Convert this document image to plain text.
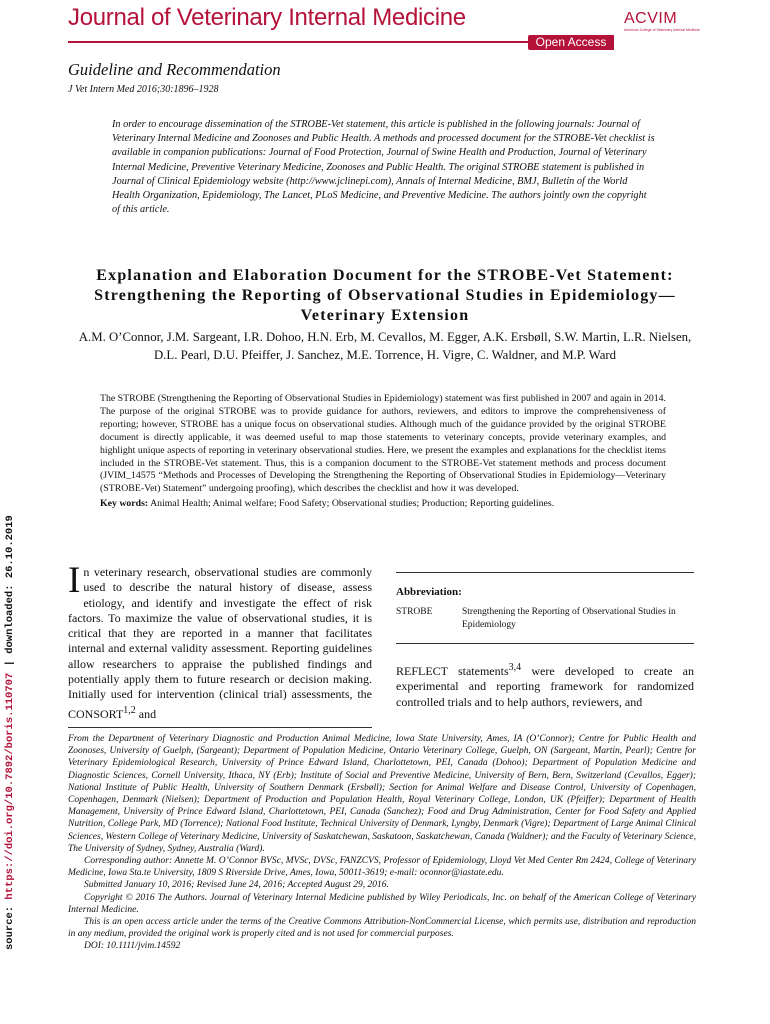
Journal of Veterinary Internal Medicine
Open Access
ACVIM
American College of Veterinary Internal Medicine
Guideline and Recommendation
J Vet Intern Med 2016;30:1896–1928
In order to encourage dissemination of the STROBE-Vet statement, this article is published in the following journals: Journal of Veterinary Internal Medicine and Zoonoses and Public Health. A methods and processed document for the STROBE-Vet checklist is available in companion publications: Journal of Food Protection, Journal of Swine Health and Production, Journal of Veterinary Internal Medicine, Preventive Veterinary Medicine, Zoonoses and Public Health. The original STROBE statement is published in Journal of Clinical Epidemiology website (http://www.jclinepi.com), Annals of Internal Medicine, BMJ, Bulletin of the World Health Organization, Epidemiology, The Lancet, PLoS Medicine, and Preventive Medicine. The authors jointly own the copyright of this article.
Explanation and Elaboration Document for the STROBE-Vet Statement: Strengthening the Reporting of Observational Studies in Epidemiology—Veterinary Extension
A.M. O’Connor, J.M. Sargeant, I.R. Dohoo, H.N. Erb, M. Cevallos, M. Egger, A.K. Ersbøll, S.W. Martin, L.R. Nielsen, D.L. Pearl, D.U. Pfeiffer, J. Sanchez, M.E. Torrence, H. Vigre, C. Waldner, and M.P. Ward
The STROBE (Strengthening the Reporting of Observational Studies in Epidemiology) statement was first published in 2007 and again in 2014. The purpose of the original STROBE was to provide guidance for authors, reviewers, and editors to improve the comprehensiveness of reporting; however, STROBE has a unique focus on observational studies. Although much of the guidance provided by the original STROBE document is directly applicable, it was deemed useful to map those statements to veterinary concepts, provide veterinary examples, and highlight unique aspects of reporting in veterinary observational studies. Here, we present the examples and explanations for the checklist items included in the STROBE-Vet statement. Thus, this is a companion document to the STROBE-Vet statement methods and process document (JVIM_14575 “Methods and Processes of Developing the Strengthening the Reporting of Observational Studies in Epidemiology—Veterinary (STROBE-Vet) Statement” undergoing proofing), which describes the checklist and how it was developed.
Key words: Animal Health; Animal welfare; Food Safety; Observational studies; Production; Reporting guidelines.
source: https://doi.org/10.7892/boris.110707 | downloaded: 26.10.2019 In veterinary research, observational studies are commonly used to describe the natural history of disease, assess etiology, and identify and investigate the effect of risk factors. To maximize the value of observational studies, it is critical that they are reported in a manner that facilitates internal and external validity assessment. Reporting guidelines allow researchers to appraise the published findings and potentially apply them to future research or decision making. Initially used for intervention (clinical trial) assessments, the CONSORT$^{1,2}$ and
Abbreviation:
STROBE	Strengthening the Reporting of Observational Studies in Epidemiology
REFLECT statements$^{3,4}$ were developed to create an experimental and reporting framework for randomized controlled trials and to help authors, reviewers, and

From the Department of Veterinary Diagnostic and Production Animal Medicine, Iowa State University, Ames, IA (O’Connor); Centre for Public Health and Zoonoses, University of Guelph, (Sargeant); Department of Population Medicine, Ontario Veterinary College, Guelph, ON (Sargeant, Martin, Pearl); Centre for Veterinary Epidemiological Research, University of Prince Edward Island, Charlottetown, PEI, Canada (Dohoo); Department of Population Medicine and Diagnostic Sciences, Cornell University, Ithaca, NY (Erb); Institute of Social and Preventive Medicine, University of Bern, Bern, Switzerland (Cevallos, Egger); National Institute of Public Health, University of Southern Denmark (Ersbøll); Section for Animal Welfare and Disease Control, University of Copenhagen, Copenhagen, Denmark (Nielsen); Department of Production and Population Health, Royal Veterinary College, London, UK (Pfeiffer); Department of Health Management, University of Prince Edward Island, Charlottetown, PEI, Canada (Sanchez); Food and Drug Administration, Center for Food Safety and Applied Nutrition, College Park, MD (Torrence); National Food Institute, Technical University of Denmark, Lyngby, Denmark (Vigre); Department of Large Animal Clinical Sciences, Western College of Veterinary Medicine, University of Saskatchewan, Saskatoon, Saskatchewan, Canada (Waldner); and the Faculty of Veterinary Science, The University of Sydney, Sydney, Australia (Ward).

Corresponding author: Annette M. O’Connor BVSc, MVSc, DVSc, FANZCVS, Professor of Epidemiology, Lloyd Vet Med Center Rm 2424, College of Veterinary Medicine, Iowa Sta.te University, 1809 S Riverside Drive, Ames, Iowa, 50011-3619; e-mail: oconnor@iastate.edu.

Submitted January 10, 2016; Revised June 24, 2016; Accepted August 29, 2016.

Copyright © 2016 The Authors. Journal of Veterinary Internal Medicine published by Wiley Periodicals, Inc. on behalf of the American College of Veterinary Internal Medicine.

This is an open access article under the terms of the Creative Commons Attribution-NonCommercial License, which permits use, distribution and reproduction in any medium, provided the original work is properly cited and is not used for commercial purposes.

DOI: 10.1111/jvim.14592
